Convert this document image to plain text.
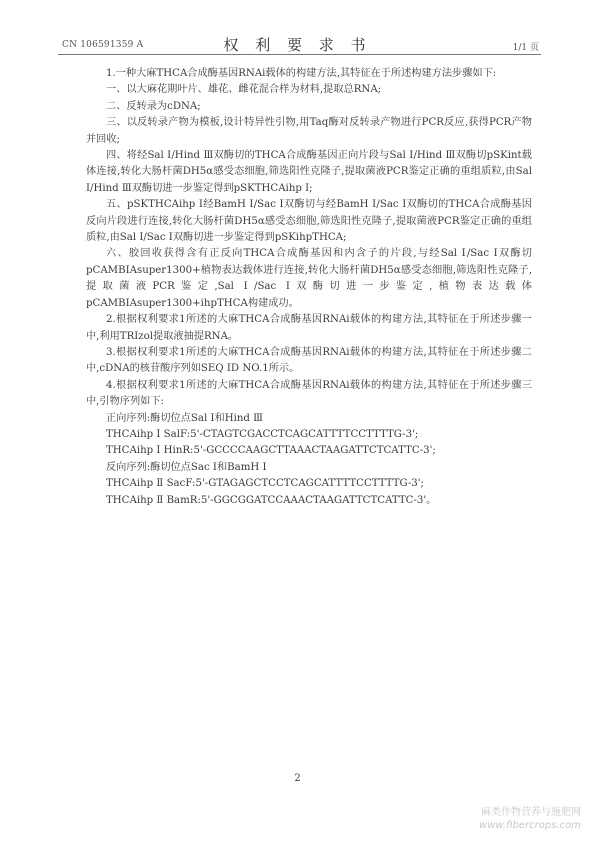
CN 106591359 A	权 利 要 求 书	1/1 页

1.一种大麻THCA合成酶基因RNAi载体的构建方法,其特征在于所述构建方法步骤如下:

一、以大麻花期叶片、雄花、雌花混合样为材料,提取总RNA;

二、反转录为cDNA;

三、以反转录产物为模板,设计特异性引物,用Taq酶对反转录产物进行PCR反应,获得PCR产物并回收;

四、将经Sal Ⅰ/Hind Ⅲ双酶切的THCA合成酶基因正向片段与Sal Ⅰ/Hind Ⅲ双酶切pSKint载体连接,转化大肠杆菌DH5α感受态细胞,筛选阳性克隆子,提取菌液PCR鉴定正确的重组质粒,由Sal Ⅰ/Hind Ⅲ双酶切进一步鉴定得到pSKTHCAihp Ⅰ;

五、pSKTHCAihp Ⅰ经BamH Ⅰ/Sac Ⅰ双酶切与经BamH Ⅰ/Sac Ⅰ双酶切的THCA合成酶基因反向片段进行连接,转化大肠杆菌DH5α感受态细胞,筛选阳性克隆子,提取菌液PCR鉴定正确的重组质粒,由Sal Ⅰ/Sac Ⅰ双酶切进一步鉴定得到pSKihpTHCA;

六、胶回收获得含有正反向THCA合成酶基因和内含子的片段,与经Sal Ⅰ/Sac Ⅰ双酶切pCAMBIAsuper1300+植物表达载体进行连接,转化大肠杆菌DH5α感受态细胞,筛选阳性克隆子,提取菌液PCR鉴定,Sal Ⅰ/Sac Ⅰ双酶切进一步鉴定,植物表达载体pCAMBIAsuper1300+ihpTHCA构建成功。

2.根据权利要求1所述的大麻THCA合成酶基因RNAi载体的构建方法,其特征在于所述步骤一中,利用TRIzol提取液抽提RNA。

3.根据权利要求1所述的大麻THCA合成酶基因RNAi载体的构建方法,其特征在于所述步骤二中,cDNA的核苷酸序列如SEQ ID NO.1所示。

4.根据权利要求1所述的大麻THCA合成酶基因RNAi载体的构建方法,其特征在于所述步骤三中,引物序列如下:

正向序列:酶切位点Sal Ⅰ和Hind Ⅲ

THCAihp Ⅰ SalF:5'-CTAGTCGACCTCAGCATTTTCCTTTTG-3';

THCAihp Ⅰ HinR:5'-GCCCCAAGCTTAAACTAAGATTCTCATTC-3';

反向序列:酶切位点Sac Ⅰ和BamH Ⅰ

THCAihp Ⅱ SacF:5'-GTAGAGCTCCTCAGCATTTTCCTTTTG-3';

THCAihp Ⅱ BamR:5'-GGCGGATCCAAACTAAGATTCTCATTC-3'。

2
麻类作物营养与施肥网
www.fibercrops.com
